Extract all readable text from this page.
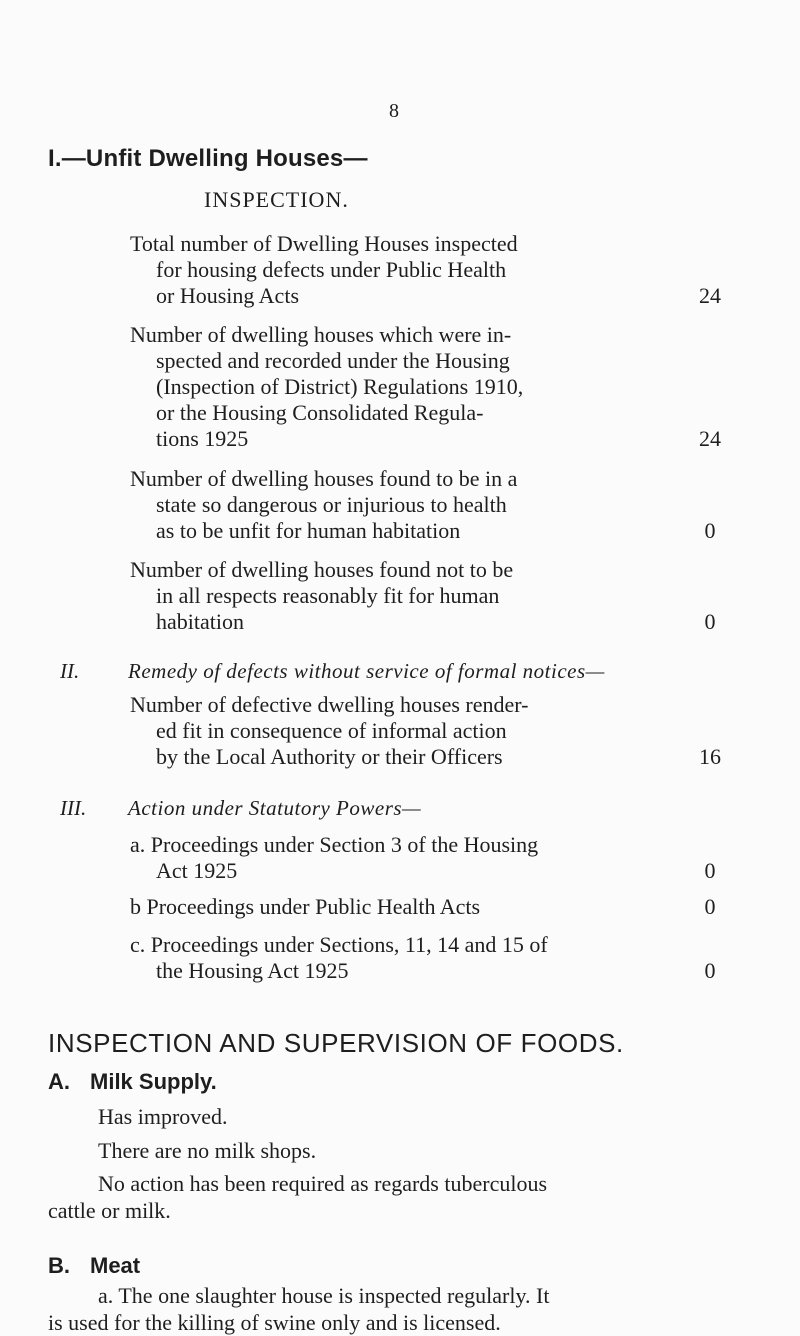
8
I.—Unfit Dwelling Houses—
INSPECTION.
Total number of Dwelling Houses inspected
for housing defects under Public Health
or Housing Acts	24
Number of dwelling houses which were in-
spected and recorded under the Housing
(Inspection of District) Regulations 1910,
or the Housing Consolidated Regula-
tions 1925	24
Number of dwelling houses found to be in a
state so dangerous or injurious to health
as to be unfit for human habitation	0
Number of dwelling houses found not to be
in all respects reasonably fit for human
habitation	0
II. Remedy of defects without service of formal notices—
Number of defective dwelling houses render-
ed fit in consequence of informal action
by the Local Authority or their Officers	16
III. Action under Statutory Powers—
a. Proceedings under Section 3 of the Housing
Act 1925	0
b Proceedings under Public Health Acts	0
c. Proceedings under Sections, 11, 14 and 15 of
the Housing Act 1925	0
INSPECTION AND SUPERVISION OF FOODS.
A. Milk Supply.
Has improved.
There are no milk shops.
No action has been required as regards tuberculous
cattle or milk.
B. Meat
a. The one slaughter house is inspected regularly. It
is used for the killing of swine only and is licensed.
